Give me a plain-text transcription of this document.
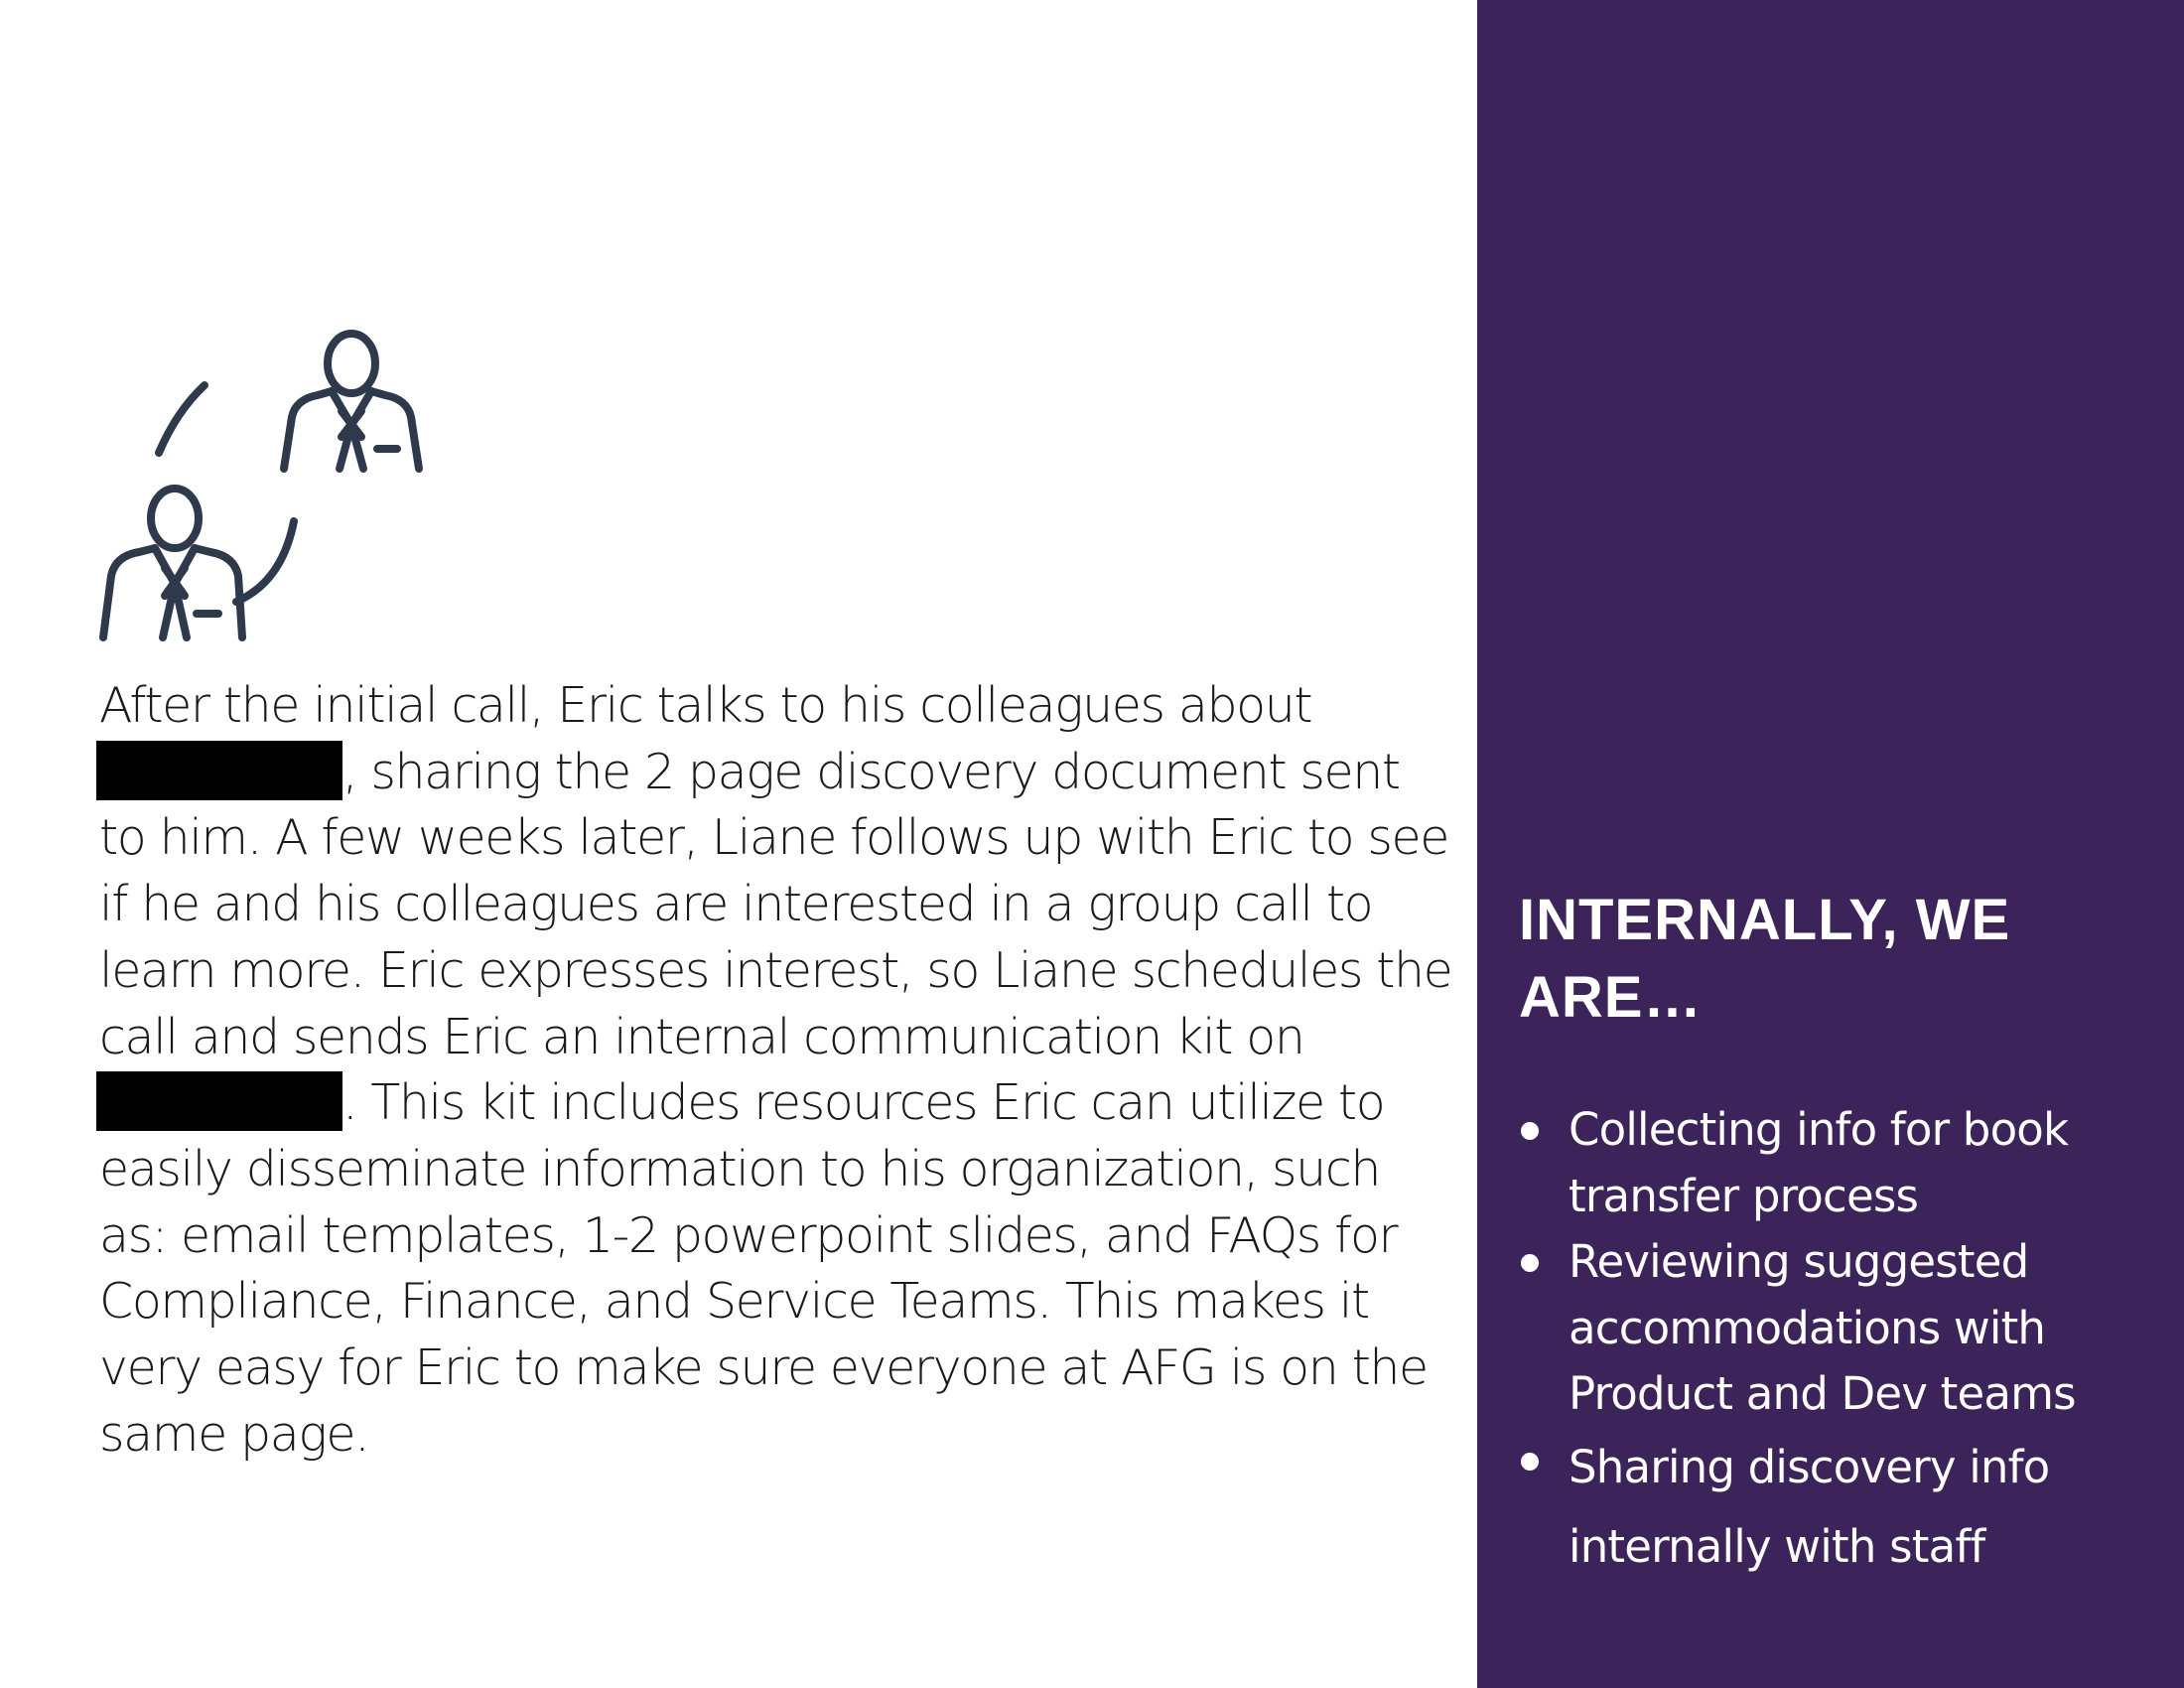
After the initial call, Eric talks to his colleagues about
, sharing the 2 page discovery document sent to him. A few weeks later, Liane follows up with Eric to see if he and his colleagues are interested in a group call to learn more. Eric expresses interest, so Liane schedules the call and sends Eric an internal communication kit on
. This kit includes resources Eric can utilize to easily disseminate information to his organization, such as: email templates, 1-2 powerpoint slides, and FAQs for Compliance, Finance, and Service Teams. This makes it very easy for Eric to make sure everyone at AFG is on the same page.

INTERNALLY, WE ARE…
Collecting info for book transfer process
Reviewing suggested accommodations with Product and Dev teams
Sharing discovery info internally with staff
